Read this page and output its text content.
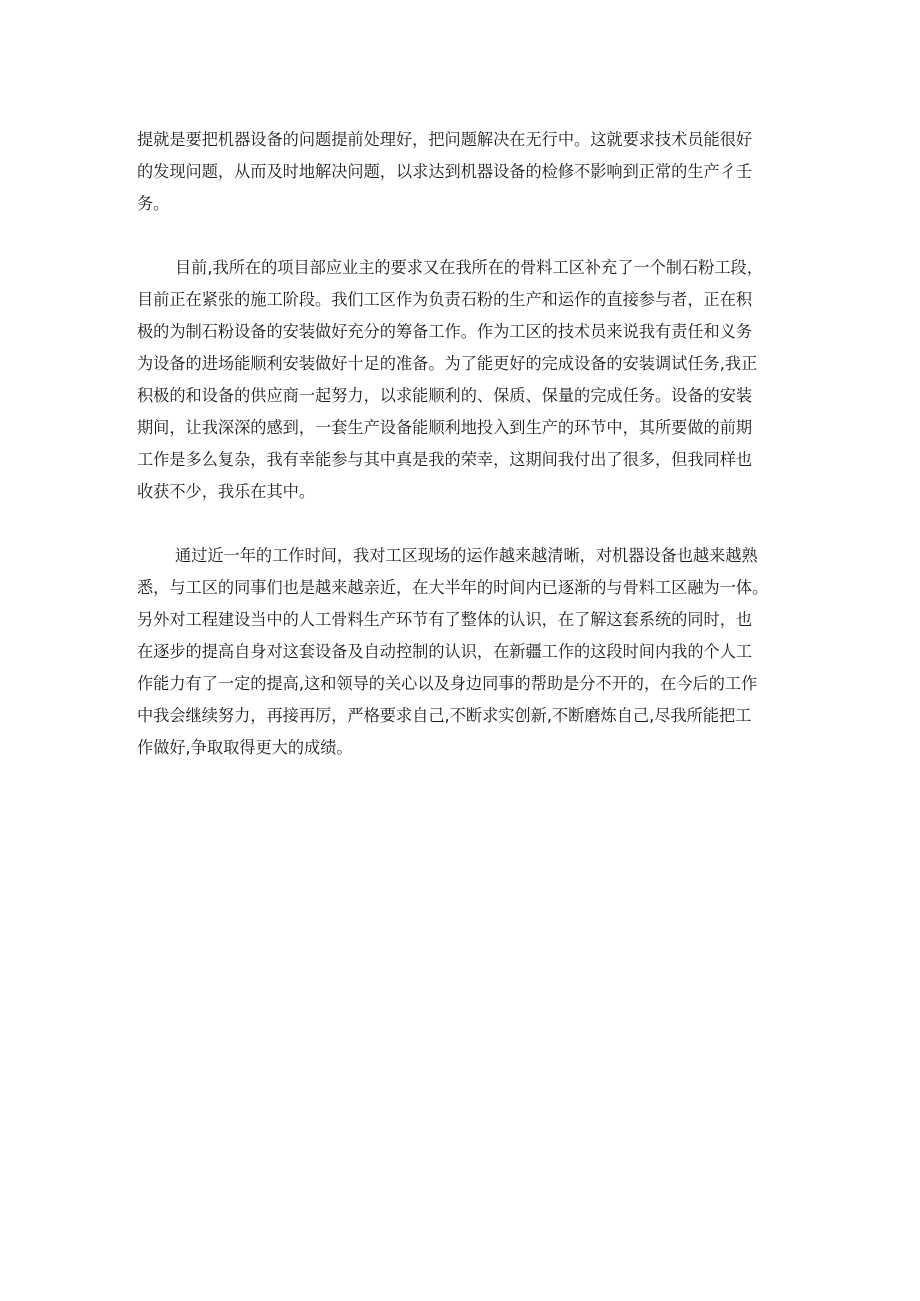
提就是要把机器设备的问题提前处理好，把问题解决在无行中。这就要求技术员能很好
的发现问题，从而及时地解决问题，以求达到机器设备的检修不影响到正常的生产彳壬
务。

目前,我所在的项目部应业主的要求又在我所在的骨料工区补充了一个制石粉工段，
目前正在紧张的施工阶段。我们工区作为负责石粉的生产和运作的直接参与者，正在积
极的为制石粉设备的安装做好充分的筹备工作。作为工区的技术员来说我有责任和义务
为设备的进场能顺利安装做好十足的准备。为了能更好的完成设备的安装调试任务,我正
积极的和设备的供应商一起努力，以求能顺利的、保质、保量的完成任务。设备的安装
期间，让我深深的感到，一套生产设备能顺利地投入到生产的环节中，其所要做的前期
工作是多么复杂，我有幸能参与其中真是我的荣幸，这期间我付出了很多，但我同样也
收获不少，我乐在其中。

通过近一年的工作时间，我对工区现场的运作越来越清晰，对机器设备也越来越熟
悉，与工区的同事们也是越来越亲近，在大半年的时间内已逐渐的与骨料工区融为一体。
另外对工程建设当中的人工骨料生产环节有了整体的认识，在了解这套系统的同时，也
在逐步的提高自身对这套设备及自动控制的认识，在新疆工作的这段时间内我的个人工
作能力有了一定的提高,这和领导的关心以及身边同事的帮助是分不开的，在今后的工作
中我会继续努力，再接再厉，严格要求自己,不断求实创新,不断磨炼自己,尽我所能把工
作做好,争取取得更大的成绩。
